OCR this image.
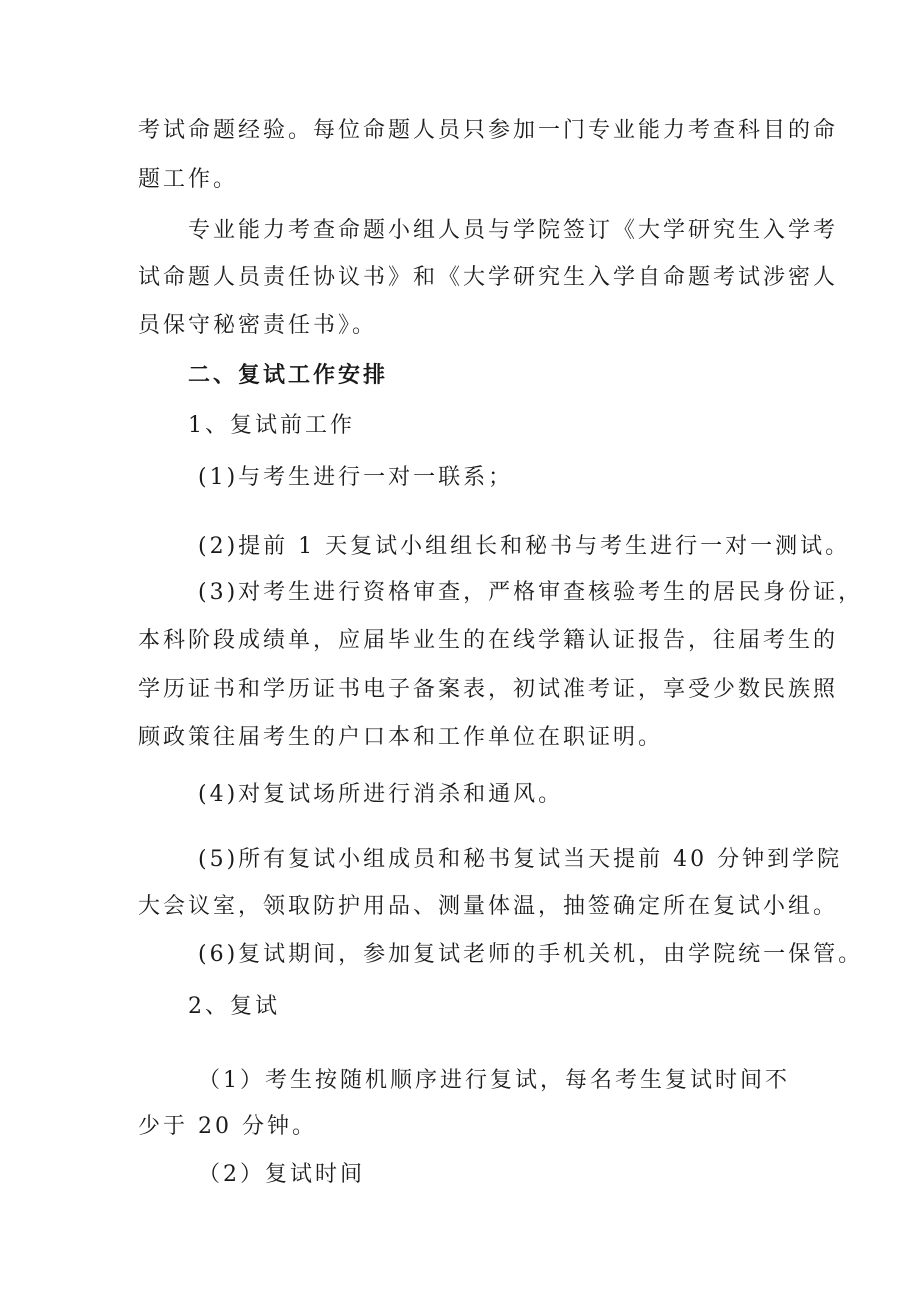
考试命题经验。每位命题人员只参加一门专业能力考查科目的命
题工作。
专业能力考查命题小组人员与学院签订《大学研究生入学考
试命题人员责任协议书》和《大学研究生入学自命题考试涉密人
员保守秘密责任书》。
二、复试工作安排
1、复试前工作
(1)与考生进行一对一联系；
(2)提前 1 天复试小组组长和秘书与考生进行一对一测试。
(3)对考生进行资格审查，严格审查核验考生的居民身份证，
本科阶段成绩单，应届毕业生的在线学籍认证报告，往届考生的
学历证书和学历证书电子备案表，初试准考证，享受少数民族照
顾政策往届考生的户口本和工作单位在职证明。
(4)对复试场所进行消杀和通风。
(5)所有复试小组成员和秘书复试当天提前 40 分钟到学院
大会议室，领取防护用品、测量体温，抽签确定所在复试小组。
(6)复试期间，参加复试老师的手机关机，由学院统一保管。
2、复试
（1）考生按随机顺序进行复试，每名考生复试时间不
少于 20 分钟。
（2）复试时间
